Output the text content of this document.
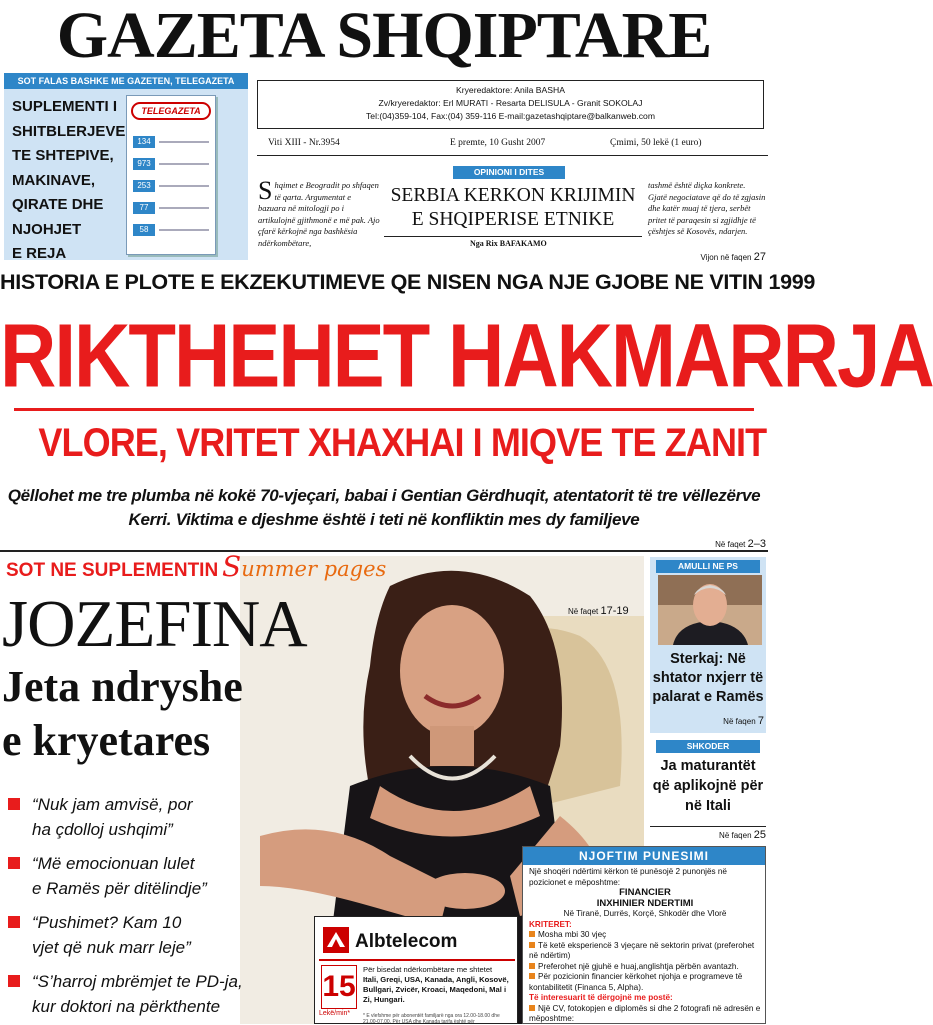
GAZETA SHQIPTARE
SOT FALAS BASHKE ME GAZETEN, TELEGAZETA
SUPLEMENTI I
SHITBLERJEVE
TE SHTEPIVE,
MAKINAVE,
QIRATE DHE
NJOHJET
E REJA
TELEGAZETA
134
973
253
77
58
Kryeredaktore: Anila BASHA
Zv/kryeredaktor: Erl MURATI - Resarta DELISULA - Granit SOKOLAJ
Tel:(04)359-104, Fax:(04) 359-116 E-mail:gazetashqiptare@balkanweb.com
Viti XIII - Nr.3954	E premte, 10 Gusht 2007	Çmimi, 50 lekë (1 euro)
OPINIONI I DITES
Shqimet e Beogradit po shfaqen të qarta. Argumentat e bazuara në mitologji po i artikulojnë gjithmonë e më pak. Ajo çfarë kërkojnë nga bashkësia ndërkombëtare,
SERBIA KERKON KRIJIMIN E SHQIPERISE ETNIKE
Nga Rix BAFAKAMO
tashmë është diçka konkrete. Gjatë negociatave që do të zgjasin dhe katër muaj të tjera, serbët pritet të paraqesin si zgjidhje të çështjes së Kosovës, ndarjen.
Vijon në faqen 27
HISTORIA E PLOTE E EKZEKUTIMEVE QE NISEN NGA NJE GJOBE NE VITIN 1999
RIKTHEHET HAKMARRJA
VLORE, VRITET XHAXHAI I MIQVE TE ZANIT
Qëllohet me tre plumba në kokë 70-vjeçari, babai i Gentian Gërdhuqit, atentatorit të tre vëllezërve Kerri. Viktima e djeshme është i teti në konfliktin mes dy familjeve
Në faqet 2–3
SOT NE SUPLEMENTIN Summer pages
JOZEFINA	Në faqet 17-19
Jeta ndryshe
e kryetares
“Nuk jam amvisë, por
ha çdolloj ushqimi”
“Më emocionuan lulet
e Ramës për ditëlindje”
“Pushimet? Kam 10
vjet që nuk marr leje”
“S’harroj mbrëmjet te PD-ja,
kur doktori na përkthente
AMULLI NE PS
Sterkaj: Në shtator nxjerr të palarat e Ramës
Në faqen 7
SHKODER
Ja maturantët që aplikojnë për në Itali
Në faqen 25
NJOFTIM PUNESIMI
Një shoqëri ndërtimi kërkon të punësojë 2 punonjës në pozicionet e mëposhtme:
FINANCIER
INXHINIER NDERTIMI
Në Tiranë, Durrës, Korçë, Shkodër dhe Vlorë
KRITERET:
Mosha mbi 30 vjeç
Të ketë eksperiencë 3 vjeçare në sektorin privat (preferohet në ndërtim)
Preferohet një gjuhë e huaj,anglishtja përbën avantazh.
Për pozicionin financier kërkohet njohja e programeve të kontabilitetit (Financa 5, Alpha).
Të interesuarit të dërgojnë me postë:
Një CV, fotokopjen e diplomës si dhe 2 fotografi në adresën e mëposhtme:
Albtelecom
15
Lekë/min*
Për bisedat ndërkombëtare me shtetet
Itali, Greqi, USA, Kanada, Angli, Kosovë, Bullgari, Zvicër, Kroaci, Maqedoni, Mal i Zi, Hungari.
* E vlefshme për abonentët familjarë nga ora 12.00-18.00 dhe 21.00-07.00. Për USA dhe Kanada tarifa është për
